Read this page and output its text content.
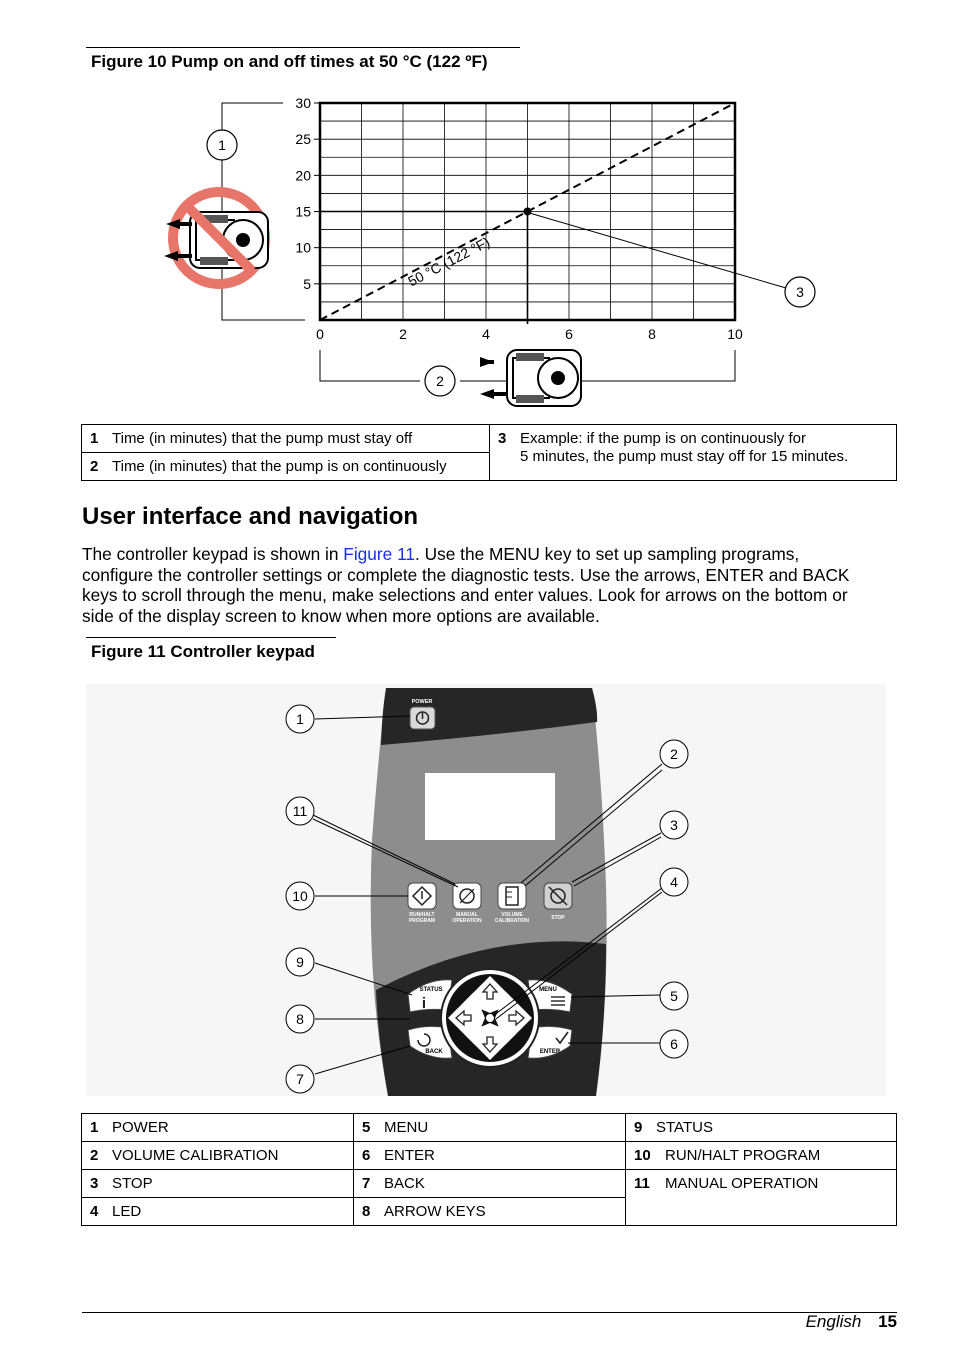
Figure 10 Pump on and off times at 50 °C (122 ºF)
5
10
15
20
25
30
0	2	4	6	8	10
50 °C (122 °F)
1
2
3
1 Time (in minutes) that the pump must stay off	3 Example: if the pump is on continuously for
5 minutes, the pump must stay off for 15 minutes.
2 Time (in minutes) that the pump is on continuously
User interface and navigation
The controller keypad is shown in Figure 11. Use the MENU key to set up sampling programs,
configure the controller settings or complete the diagnostic tests. Use the arrows, ENTER and BACK
keys to scroll through the menu, make selections and enter values. Look for arrows on the bottom or
side of the display screen to know when more options are available.
Figure 11 Controller keypad
POWER
RUN/HALT
PROGRAM
MANUAL
OPERATION
VOLUME
CALIBRATION	STOP
STATUS
i
MENU
BACK	ENTER
1
2
3
4
5
6
7
8
9
10
11
1 POWER	5 MENU	9 STATUS
2 VOLUME CALIBRATION	6 ENTER	10 RUN/HALT PROGRAM
3 STOP	7 BACK	11 MANUAL OPERATION
4 LED	8 ARROW KEYS	
English 15
